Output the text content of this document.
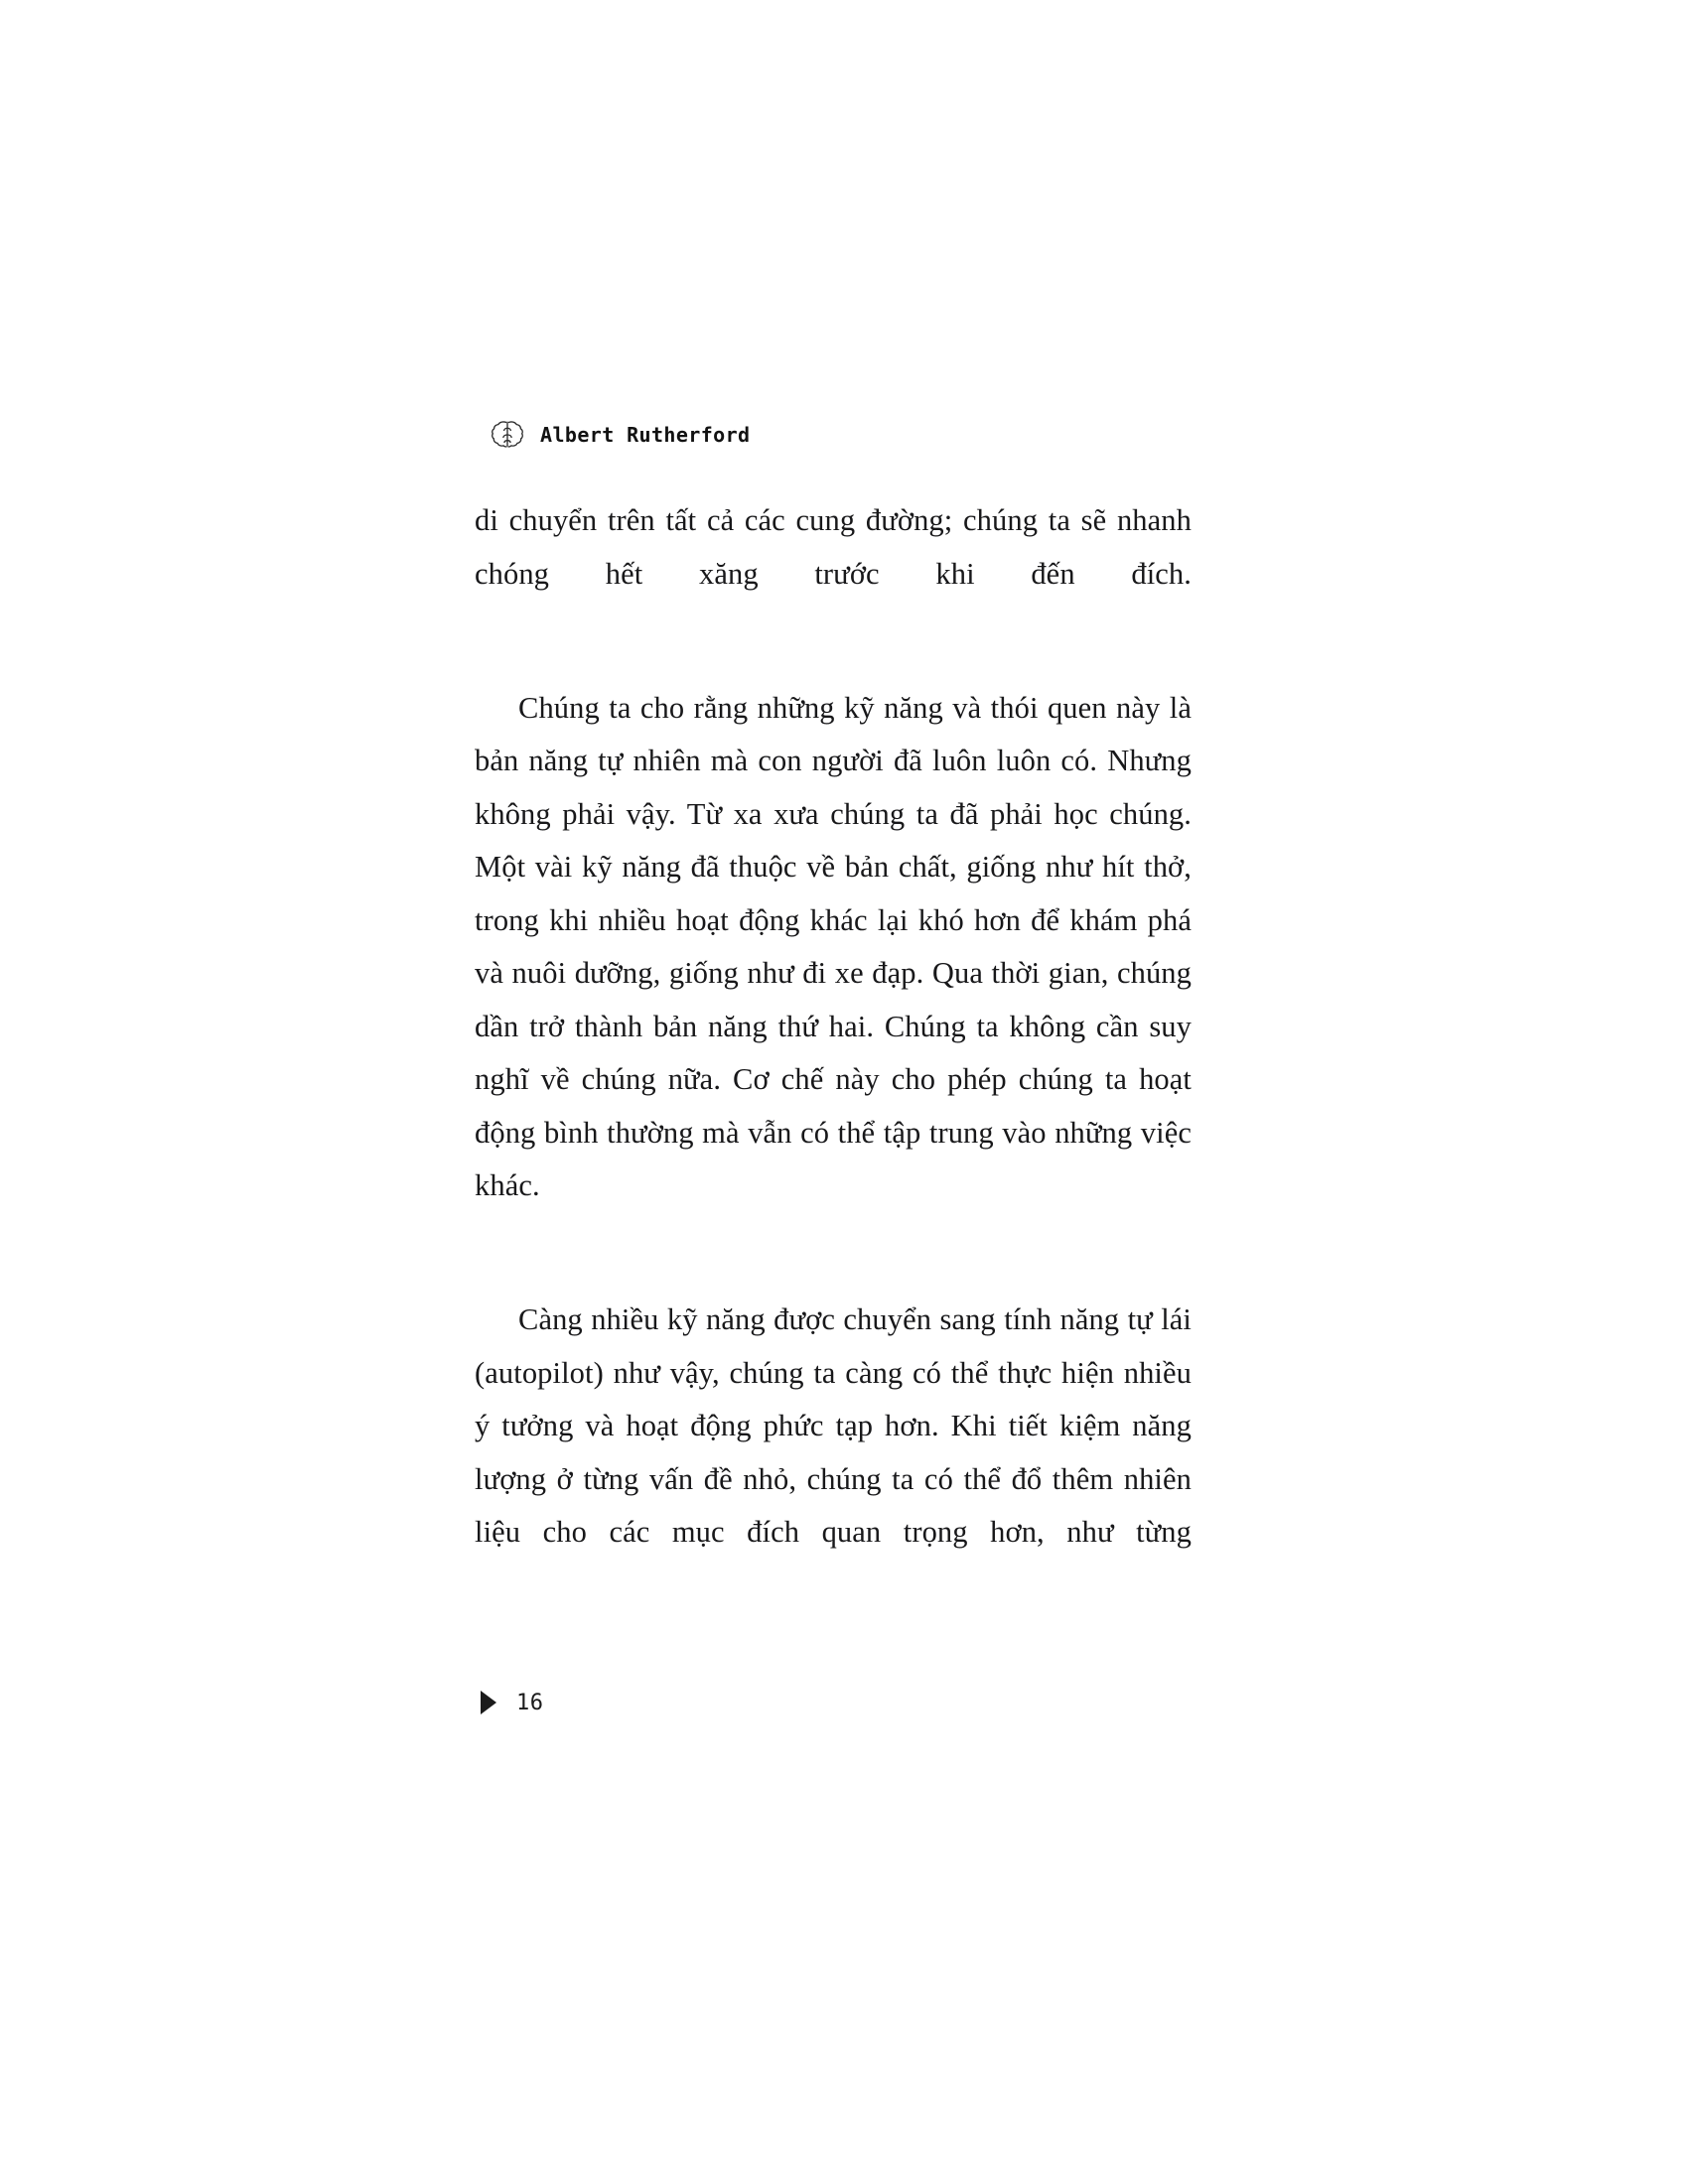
Albert Rutherford

di chuyển trên tất cả các cung đường; chúng ta sẽ nhanh chóng hết xăng trước khi đến đích.

Chúng ta cho rằng những kỹ năng và thói quen này là bản năng tự nhiên mà con người đã luôn luôn có. Nhưng không phải vậy. Từ xa xưa chúng ta đã phải học chúng. Một vài kỹ năng đã thuộc về bản chất, giống như hít thở, trong khi nhiều hoạt động khác lại khó hơn để khám phá và nuôi dưỡng, giống như đi xe đạp. Qua thời gian, chúng dần trở thành bản năng thứ hai. Chúng ta không cần suy nghĩ về chúng nữa. Cơ chế này cho phép chúng ta hoạt động bình thường mà vẫn có thể tập trung vào những việc khác.

Càng nhiều kỹ năng được chuyển sang tính năng tự lái (autopilot) như vậy, chúng ta càng có thể thực hiện nhiều ý tưởng và hoạt động phức tạp hơn. Khi tiết kiệm năng lượng ở từng vấn đề nhỏ, chúng ta có thể đổ thêm nhiên liệu cho các mục đích quan trọng hơn, như từng

16
